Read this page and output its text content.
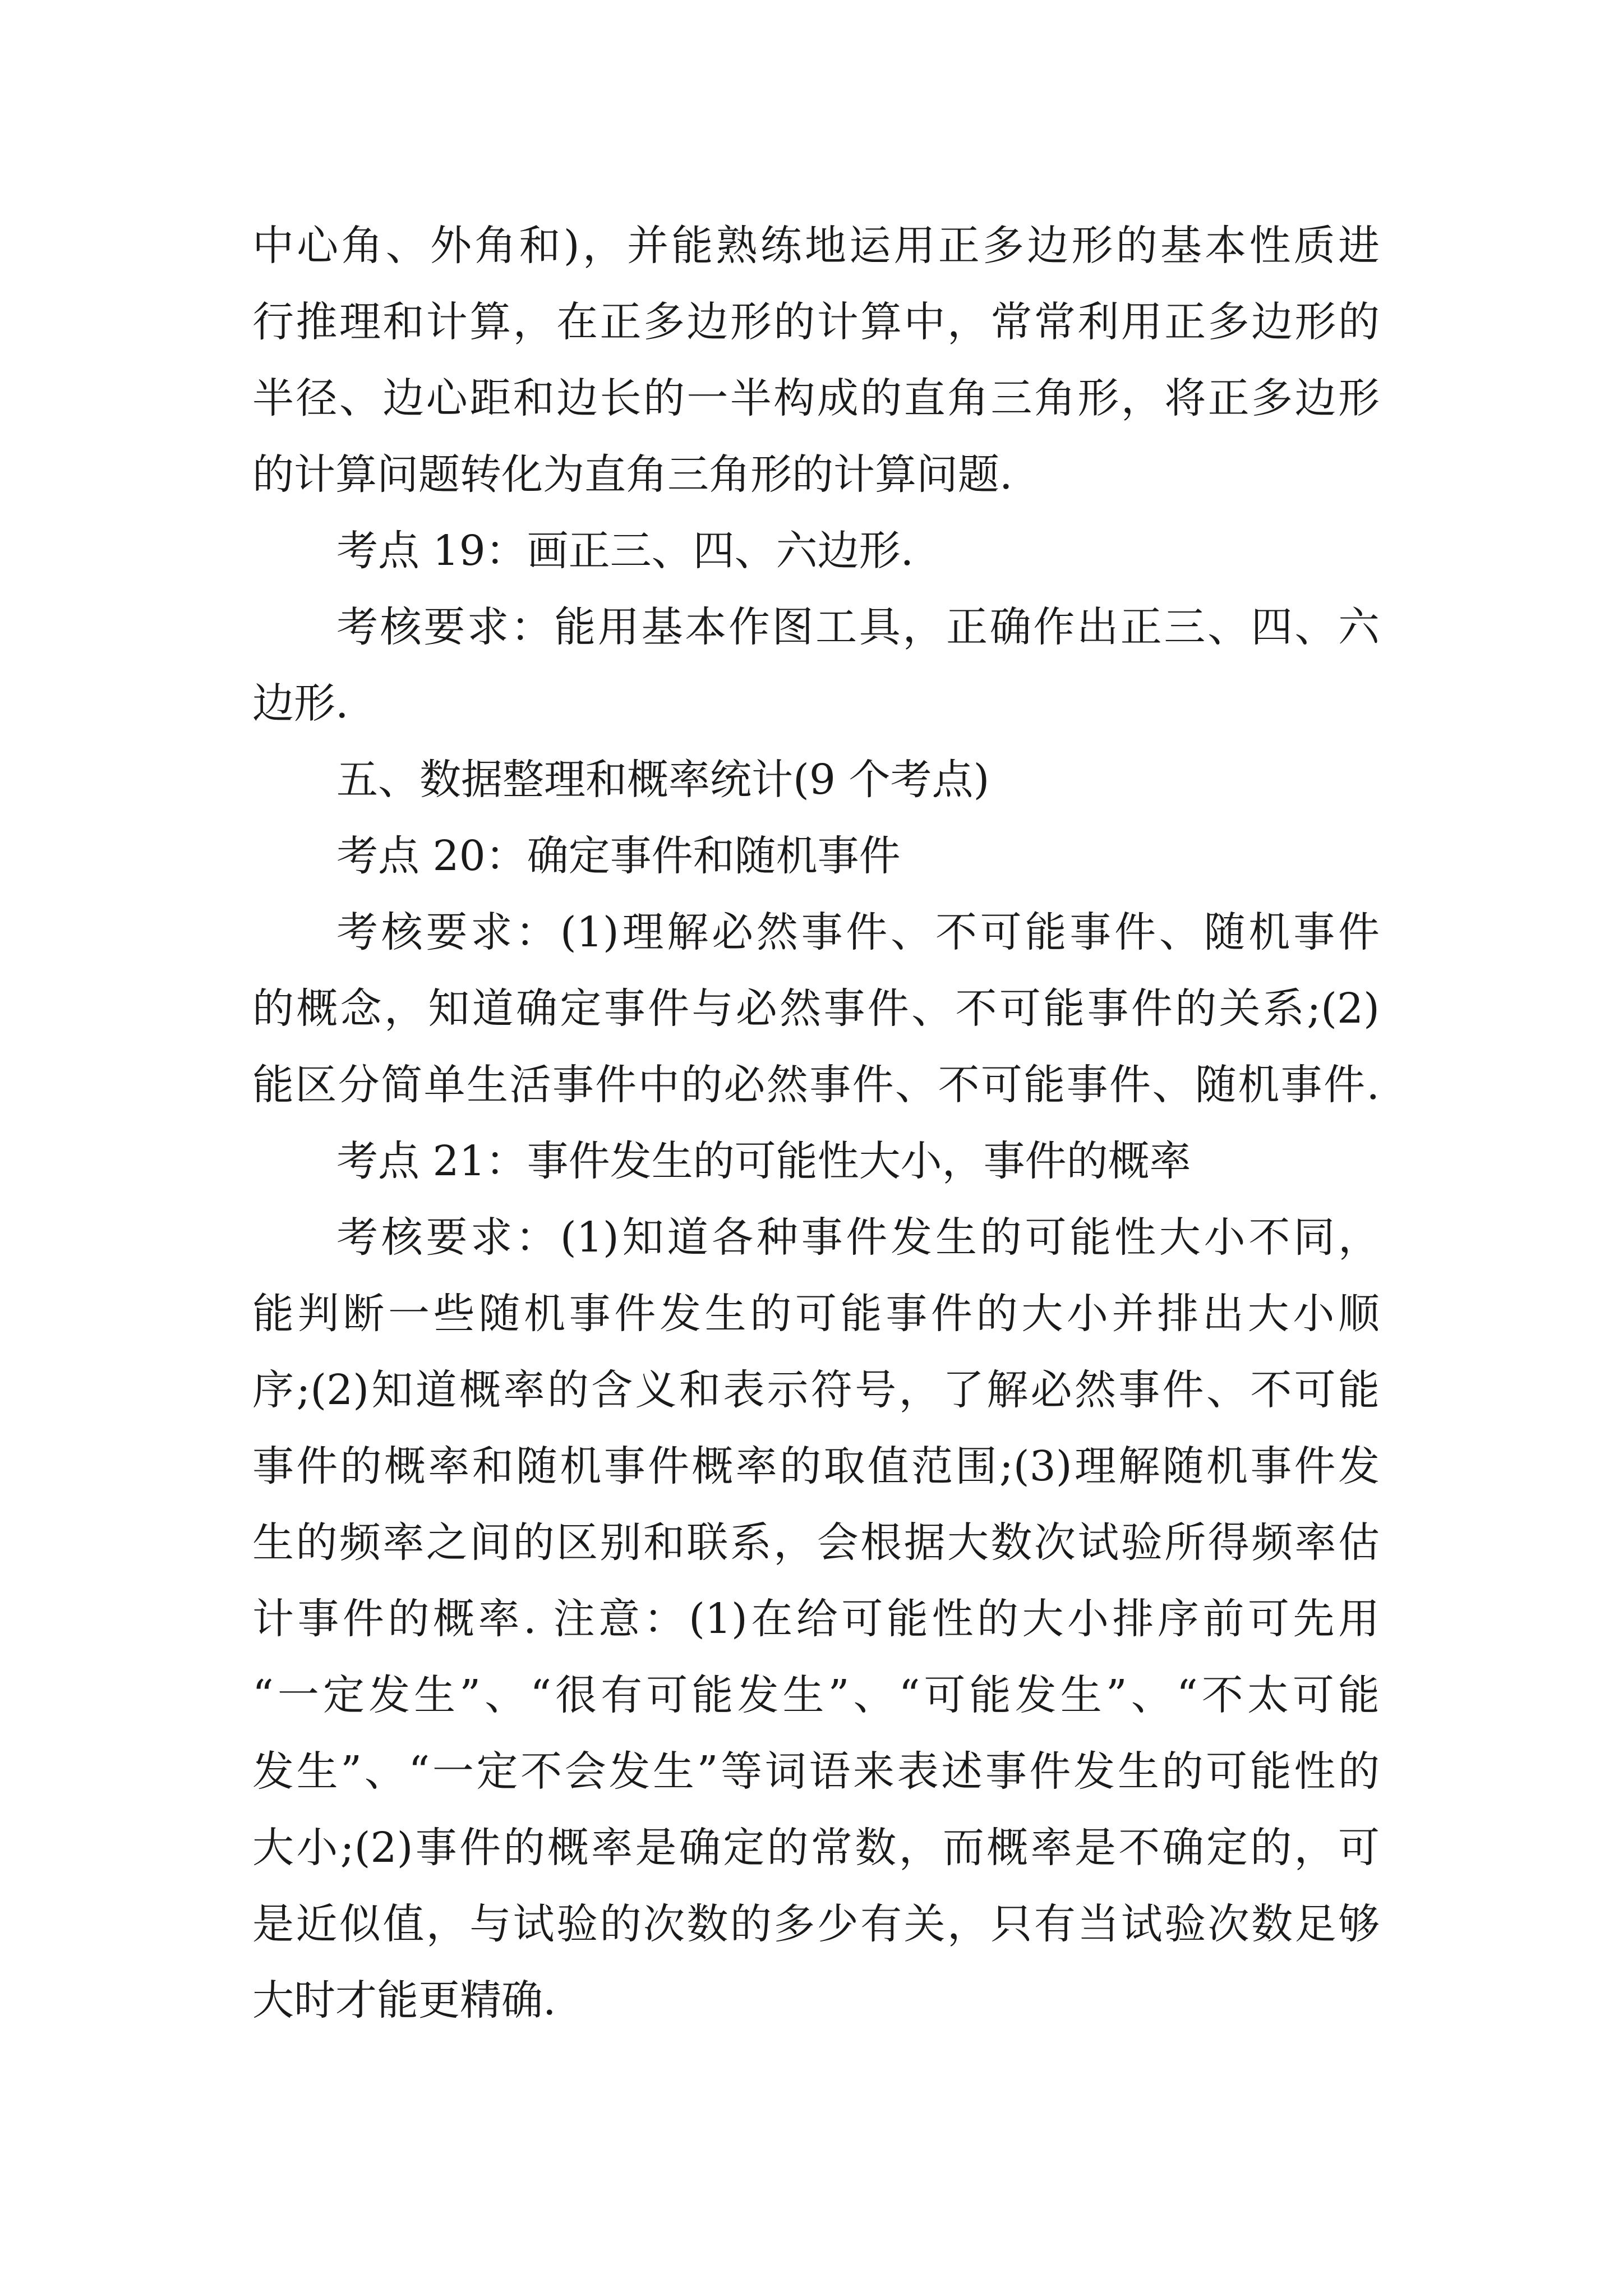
中心角、外角和)，并能熟练地运用正多边形的基本性质进
行推理和计算，在正多边形的计算中，常常利用正多边形的
半径、边心距和边长的一半构成的直角三角形，将正多边形
的计算问题转化为直角三角形的计算问题.
考点 19：画正三、四、六边形.
考核要求：能用基本作图工具，正确作出正三、四、六
边形.
五、数据整理和概率统计(9 个考点)
考点 20：确定事件和随机事件
考核要求：(1)理解必然事件、不可能事件、随机事件
的概念，知道确定事件与必然事件、不可能事件的关系;(2)
能区分简单生活事件中的必然事件、不可能事件、随机事件.
考点 21：事件发生的可能性大小，事件的概率
考核要求：(1)知道各种事件发生的可能性大小不同，
能判断一些随机事件发生的可能事件的大小并排出大小顺
序;(2)知道概率的含义和表示符号，了解必然事件、不可能
事件的概率和随机事件概率的取值范围;(3)理解随机事件发
生的频率之间的区别和联系，会根据大数次试验所得频率估
计事件的概率. 注意：(1)在给可能性的大小排序前可先用
“一定发生”、“很有可能发生”、“可能发生”、“不太可能
发生”、“一定不会发生”等词语来表述事件发生的可能性的
大小;(2)事件的概率是确定的常数，而概率是不确定的，可
是近似值，与试验的次数的多少有关，只有当试验次数足够
大时才能更精确.
